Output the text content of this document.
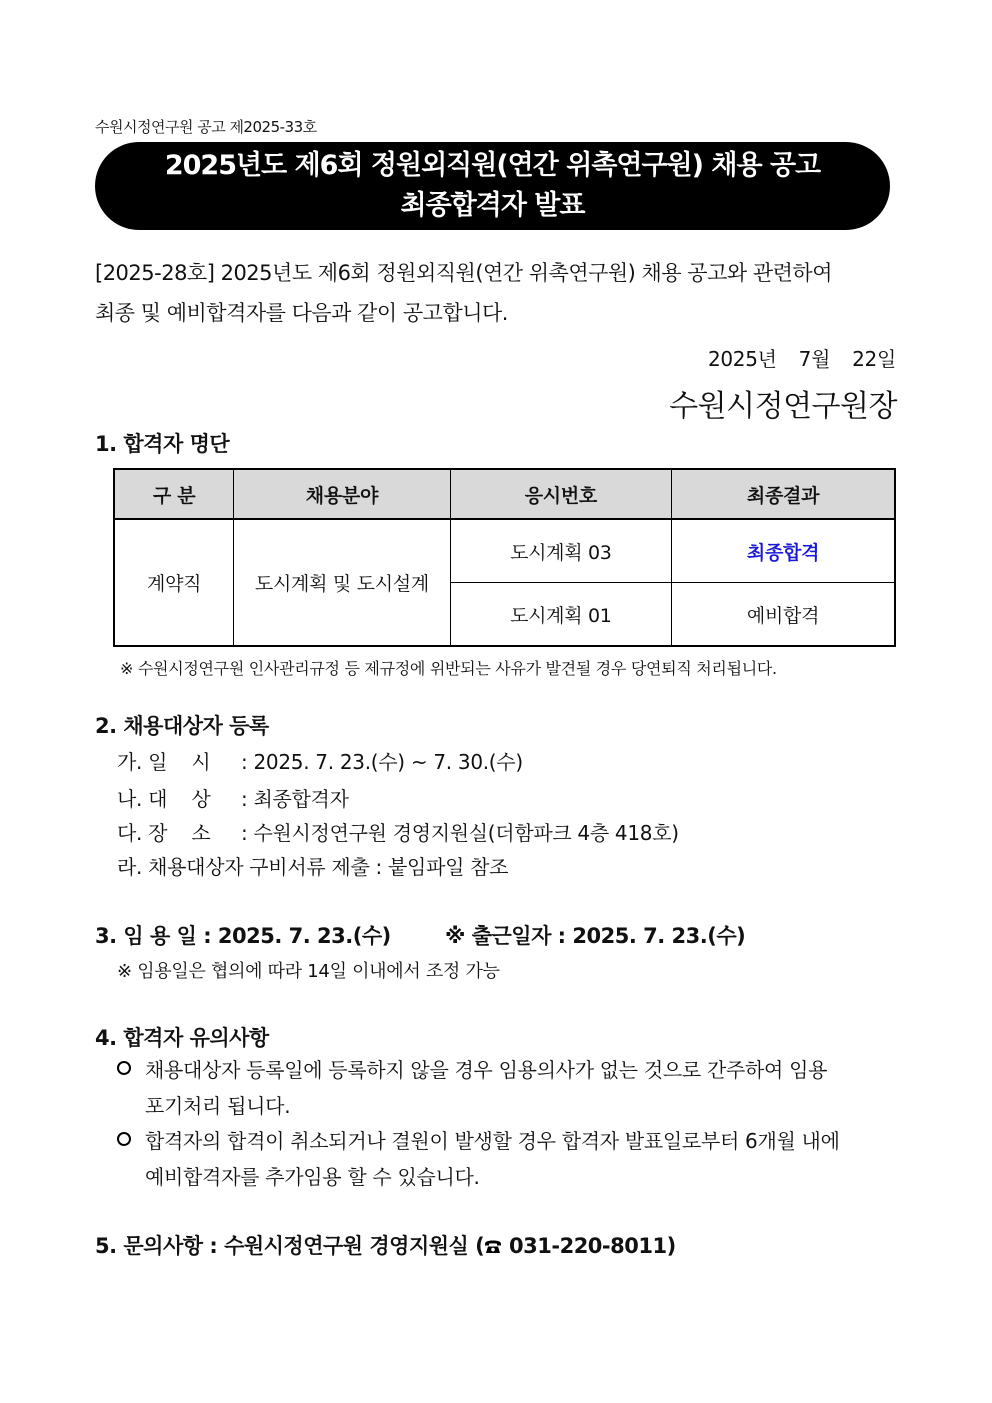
수원시정연구원 공고 제2025-33호
2025년도 제6회 정원외직원(연간 위촉연구원) 채용 공고
최종합격자 발표
[2025-28호] 2025년도 제6회 정원외직원(연간 위촉연구원) 채용 공고와 관련하여
최종 및 예비합격자를 다음과 같이 공고합니다.
2025년 7월 22일
수원시정연구원장
1. 합격자 명단
구 분	채용분야	응시번호	최종결과
계약직	도시계획 및 도시설계	도시계획 03	최종합격
		도시계획 01	예비합격
※ 수원시정연구원 인사관리규정 등 제규정에 위반되는 사유가 발견될 경우 당연퇴직 처리됩니다.
2. 채용대상자 등록
가. 일    시 : 2025. 7. 23.(수) ~ 7. 30.(수)
나. 대    상 : 최종합격자
다. 장    소 : 수원시정연구원 경영지원실(더함파크 4층 418호)
라. 채용대상자 구비서류 제출 : 붙임파일 참조
3. 임 용 일 : 2025. 7. 23.(수)	※ 출근일자 : 2025. 7. 23.(수)
※ 임용일은 협의에 따라 14일 이내에서 조정 가능
4. 합격자 유의사항
채용대상자 등록일에 등록하지 않을 경우 임용의사가 없는 것으로 간주하여 임용
포기처리 됩니다.
합격자의 합격이 취소되거나 결원이 발생할 경우 합격자 발표일로부터 6개월 내에
예비합격자를 추가임용 할 수 있습니다.
5. 문의사항 : 수원시정연구원 경영지원실 ( 031-220-8011)
